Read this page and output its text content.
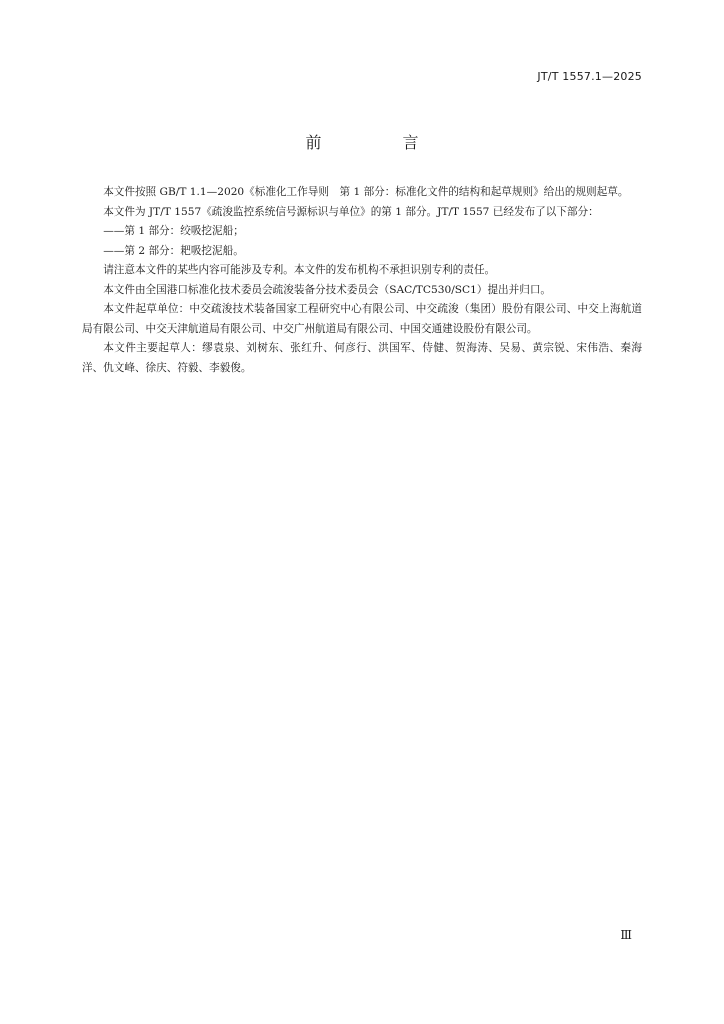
JT/T 1557.1—2025
前 言

本文件按照 GB/T 1.1—2020《标准化工作导则　第 1 部分：标准化文件的结构和起草规则》给出的规则起草。

本文件为 JT/T 1557《疏浚监控系统信号源标识与单位》的第 1 部分。JT/T 1557 已经发布了以下部分：

——第 1 部分：绞吸挖泥船；

——第 2 部分：耙吸挖泥船。

请注意本文件的某些内容可能涉及专利。本文件的发布机构不承担识别专利的责任。

本文件由全国港口标准化技术委员会疏浚装备分技术委员会（SAC/TC530/SC1）提出并归口。

本文件起草单位：中交疏浚技术装备国家工程研究中心有限公司、中交疏浚（集团）股份有限公司、中交上海航道局有限公司、中交天津航道局有限公司、中交广州航道局有限公司、中国交通建设股份有限公司。

本文件主要起草人：缪袁泉、刘树东、张红升、何彦行、洪国军、侍健、贺海涛、吴易、黄宗锐、宋伟浩、秦海洋、仇文峰、徐庆、符毅、李毅俊。

Ⅲ
